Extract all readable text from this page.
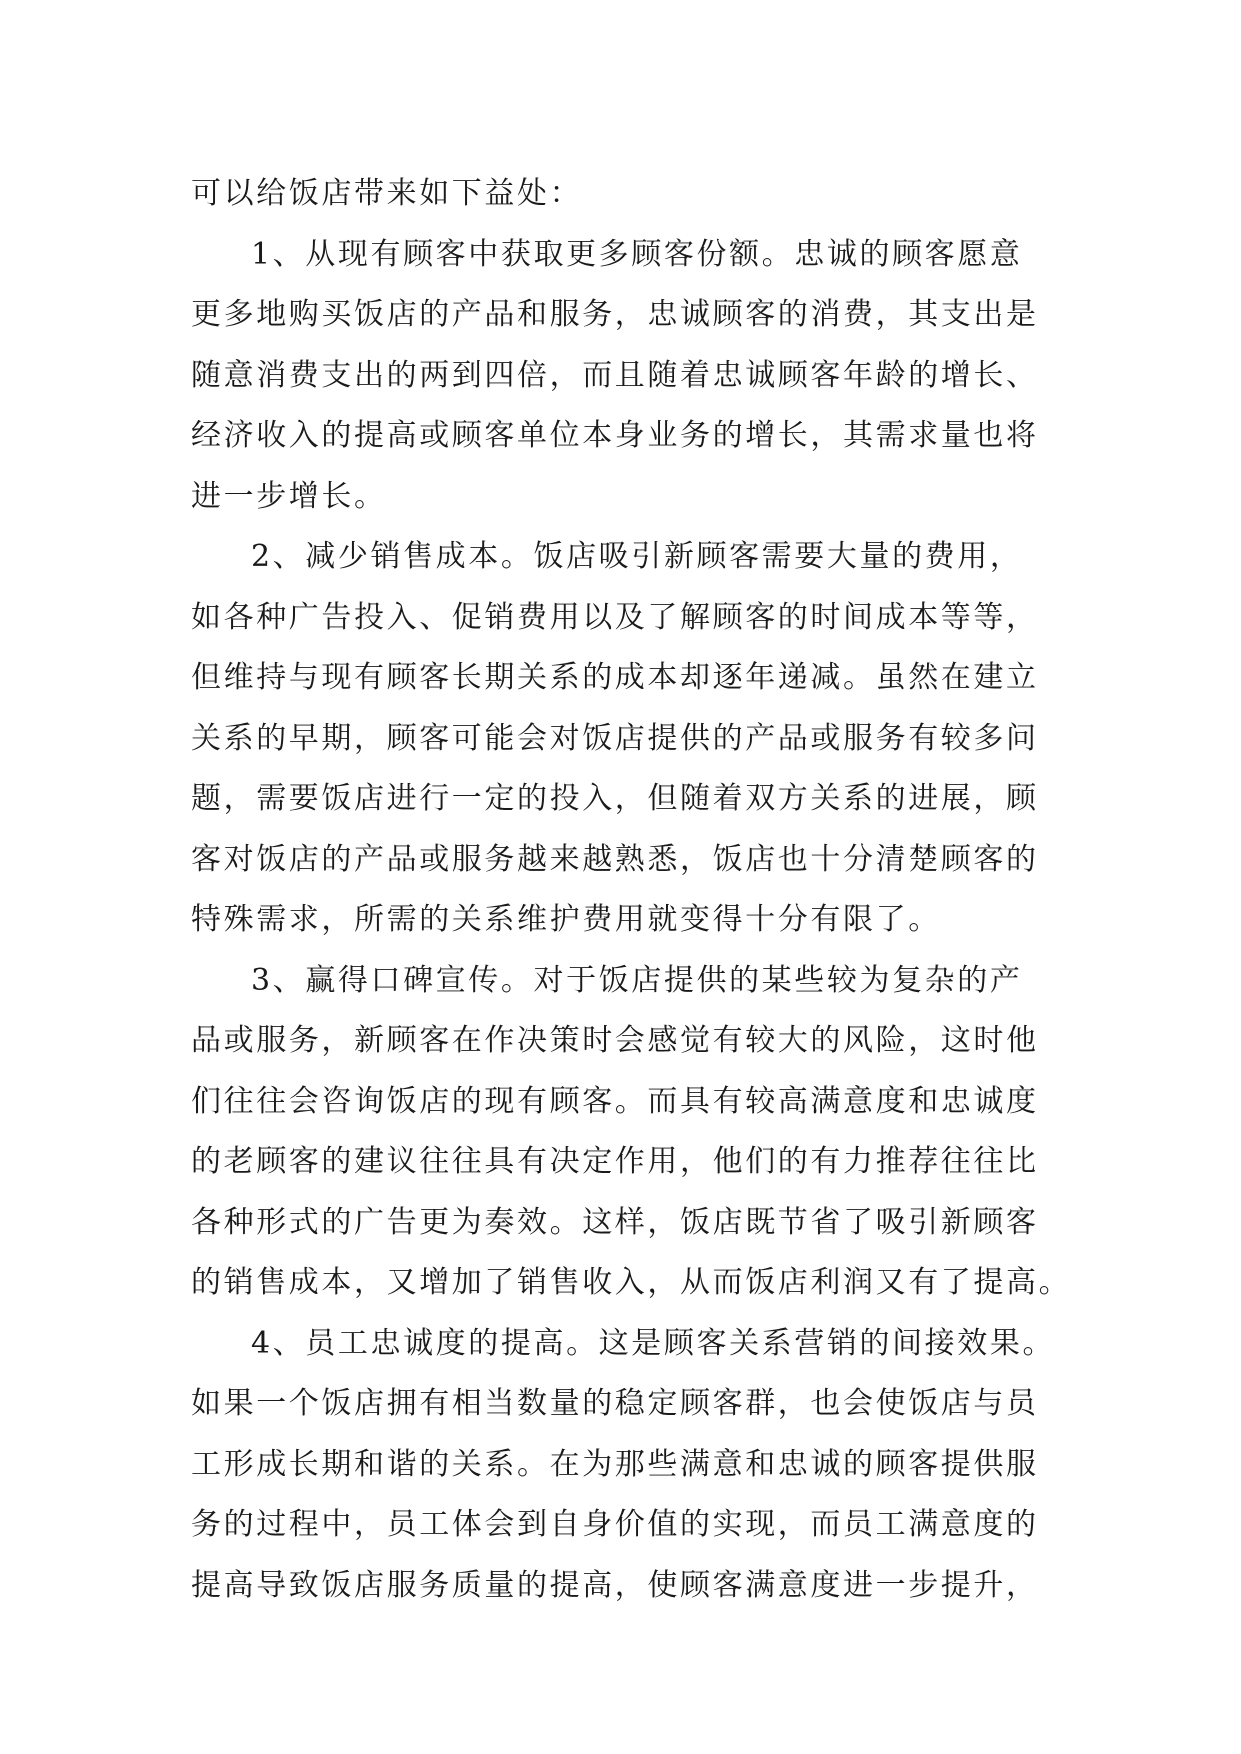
可以给饭店带来如下益处：
1、从现有顾客中获取更多顾客份额。忠诚的顾客愿意
更多地购买饭店的产品和服务，忠诚顾客的消费，其支出是
随意消费支出的两到四倍，而且随着忠诚顾客年龄的增长、
经济收入的提高或顾客单位本身业务的增长，其需求量也将
进一步增长。
2、减少销售成本。饭店吸引新顾客需要大量的费用，
如各种广告投入、促销费用以及了解顾客的时间成本等等，
但维持与现有顾客长期关系的成本却逐年递减。虽然在建立
关系的早期，顾客可能会对饭店提供的产品或服务有较多问
题，需要饭店进行一定的投入，但随着双方关系的进展，顾
客对饭店的产品或服务越来越熟悉，饭店也十分清楚顾客的
特殊需求，所需的关系维护费用就变得十分有限了。
3、赢得口碑宣传。对于饭店提供的某些较为复杂的产
品或服务，新顾客在作决策时会感觉有较大的风险，这时他
们往往会咨询饭店的现有顾客。而具有较高满意度和忠诚度
的老顾客的建议往往具有决定作用，他们的有力推荐往往比
各种形式的广告更为奏效。这样，饭店既节省了吸引新顾客
的销售成本，又增加了销售收入，从而饭店利润又有了提高。
4、员工忠诚度的提高。这是顾客关系营销的间接效果。
如果一个饭店拥有相当数量的稳定顾客群，也会使饭店与员
工形成长期和谐的关系。在为那些满意和忠诚的顾客提供服
务的过程中，员工体会到自身价值的实现，而员工满意度的
提高导致饭店服务质量的提高，使顾客满意度进一步提升，
